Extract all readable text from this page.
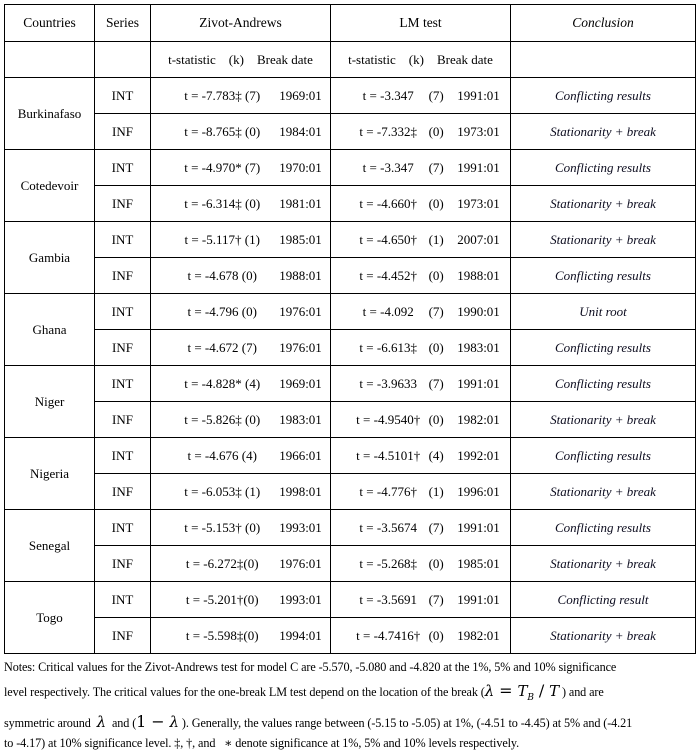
Countries	Series	Zivot-Andrews	LM test	Conclusion
		t-statistic (k) Break date	t-statistic (k) Break date	
Burkinafaso	INT	t = -7.783‡ (7) 1969:01	t = -3.347 (7) 1991:01	Conflicting results
	INF	t = -8.765‡ (0) 1984:01	t = -7.332‡ (0) 1973:01	Stationarity + break
Cotedevoir	INT	t = -4.970* (7) 1970:01	t = -3.347 (7) 1991:01	Conflicting results
	INF	t = -6.314‡ (0) 1981:01	t = -4.660† (0) 1973:01	Stationarity + break
Gambia	INT	t = -5.117† (1) 1985:01	t = -4.650† (1) 2007:01	Stationarity + break
	INF	t = -4.678 (0) 1988:01	t = -4.452† (0) 1988:01	Conflicting results
Ghana	INT	t = -4.796 (0) 1976:01	t = -4.092 (7) 1990:01	Unit root
	INF	t = -4.672 (7) 1976:01	t = -6.613‡ (0) 1983:01	Conflicting results
Niger	INT	t = -4.828* (4) 1969:01	t = -3.9633 (7) 1991:01	Conflicting results
	INF	t = -5.826‡ (0) 1983:01	t = -4.9540† (0) 1982:01	Stationarity + break
Nigeria	INT	t = -4.676 (4) 1966:01	t = -4.5101† (4) 1992:01	Conflicting results
	INF	t = -6.053‡ (1) 1998:01	t = -4.776† (1) 1996:01	Stationarity + break
Senegal	INT	t = -5.153† (0) 1993:01	t = -3.5674 (7) 1991:01	Conflicting results
	INF	t = -6.272‡(0) 1976:01	t = -5.268‡ (0) 1985:01	Stationarity + break
Togo	INT	t = -5.201†(0) 1993:01	t = -3.5691 (7) 1991:01	Conflicting result
	INF	t = -5.598‡(0) 1994:01	t = -4.7416† (0) 1982:01	Stationarity + break

Notes: Critical values for the Zivot-Andrews test for model C are -5.570, -5.080 and -4.820 at the 1%, 5% and 10% significance

level respectively. The critical values for the one-break LM test depend on the location of the break ($\lambda = T_B / T$ ) and are

symmetric around  λ  and (1 − λ ). Generally, the values range between (-5.15 to -5.05) at 1%, (-4.51 to -4.45) at 5% and (-4.21

to -4.17) at 10% significance level. ‡, †, and   ∗ denote significance at 1%, 5% and 10% levels respectively.
